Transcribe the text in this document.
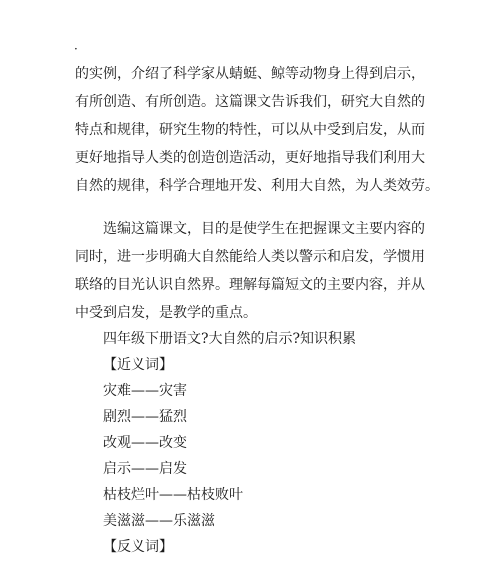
·
的实例，介绍了科学家从蜻蜓、鲸等动物身上得到启示，
有所创造、有所创造。这篇课文告诉我们，研究大自然的
特点和规律，研究生物的特性，可以从中受到启发，从而
更好地指导人类的创造创造活动，更好地指导我们利用大
自然的规律，科学合理地开发、利用大自然，为人类效劳。
选编这篇课文，目的是使学生在把握课文主要内容的
同时，进一步明确大自然能给人类以警示和启发，学惯用
联络的目光认识自然界。理解每篇短文的主要内容，并从
中受到启发，是教学的重点。
四年级下册语文?大自然的启示?知识积累
【近义词】
灾难——灾害
剧烈——猛烈
改观——改变
启示——启发
枯枝烂叶——枯枝败叶
美滋滋——乐滋滋
【反义词】
